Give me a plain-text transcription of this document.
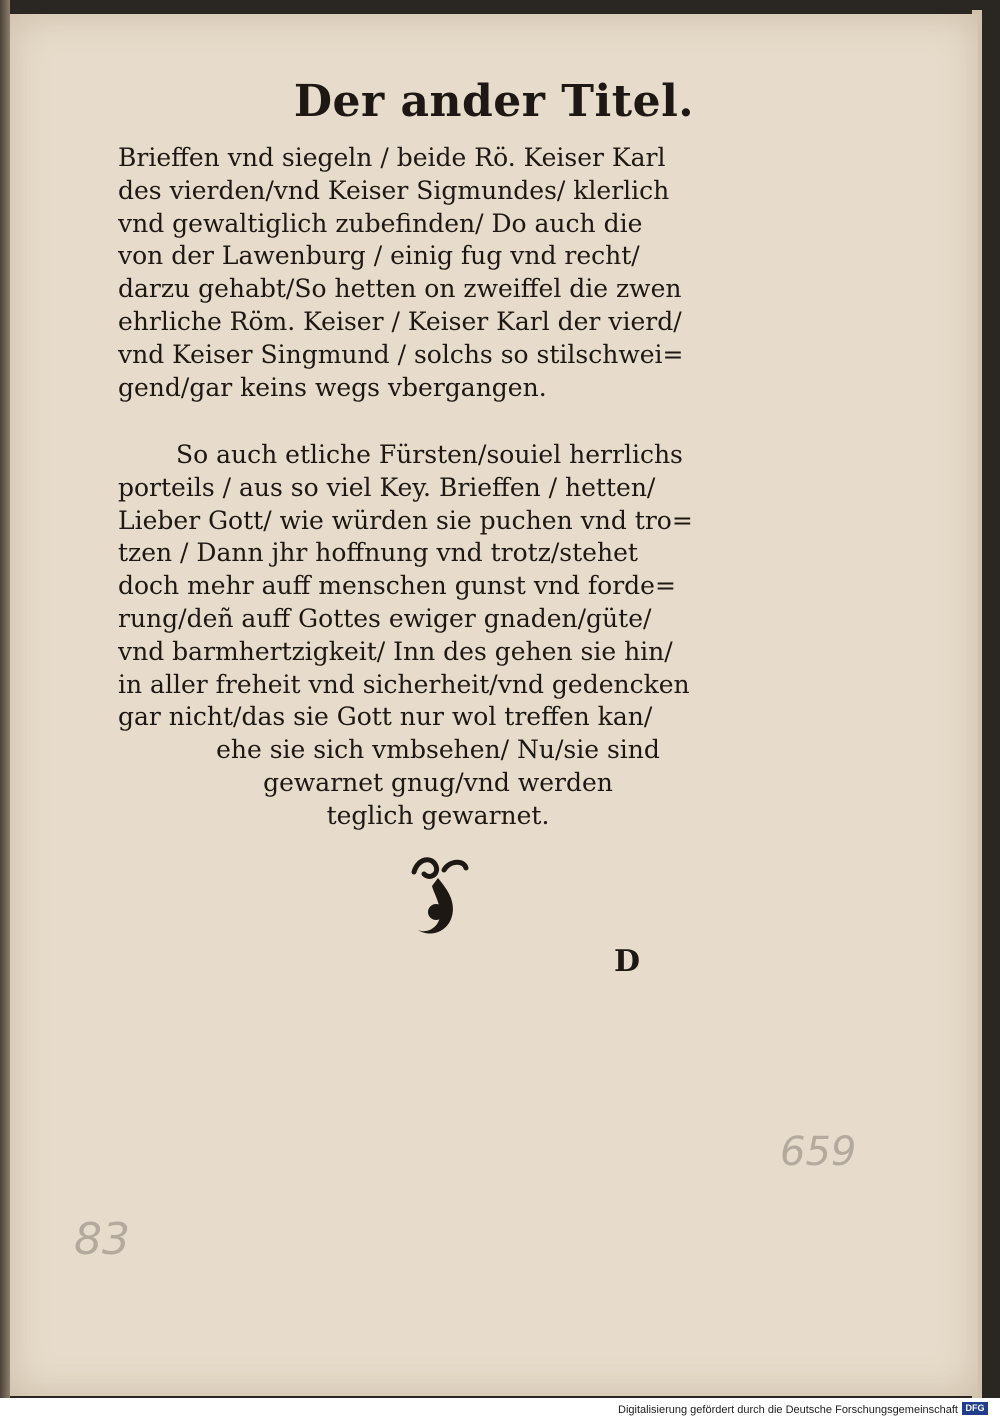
Der ander Titel.
Brieffen vnd siegeln / beide Rö. Keiser Karl
des vierden/vnd Keiser Sigmundes/ klerlich
vnd gewaltiglich zubefinden/ Do auch die
von der Lawenburg / einig fug vnd recht/
darzu gehabt/So hetten on zweiffel die zwen
ehrliche Röm. Keiser / Keiser Karl der vierd/
vnd Keiser Singmund / solchs so stilschwei=
gend/gar keins wegs vbergangen.
So auch etliche Fürsten/souiel herrlichs
porteils / aus so viel Key. Brieffen / hetten/
Lieber Gott/ wie würden sie puchen vnd tro=
tzen / Dann jhr hoffnung vnd trotz/stehet
doch mehr auff menschen gunst vnd forde=
rung/deñ auff Gottes ewiger gnaden/güte/
vnd barmhertzigkeit/ Inn des gehen sie hin/
in aller freheit vnd sicherheit/vnd gedencken
gar nicht/das sie Gott nur wol treffen kan/
ehe sie sich vmbsehen/ Nu/sie sind
gewarnet gnug/vnd werden
teglich gewarnet.
D
659
83
Digitalisierung gefördert durch die Deutsche Forschungsgemeinschaft DFG
